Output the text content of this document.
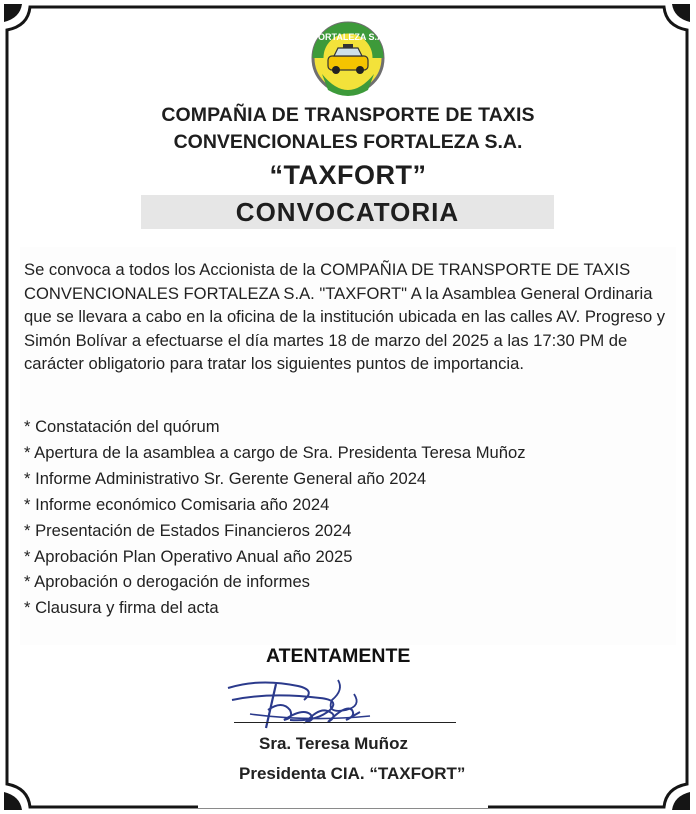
FORTALEZA S.A
COMPAÑIA DE TRANSPORTE DE TAXIS
CONVENCIONALES FORTALEZA S.A.
“TAXFORT”
CONVOCATORIA
Se convoca a todos los Accionista de la COMPAÑIA DE TRANSPORTE DE TAXIS CONVENCIONALES FORTALEZA S.A. "TAXFORT" A la Asamblea General Ordinaria que se llevara a cabo en la oficina de la institución ubicada en las calles AV. Progreso y Simón Bolívar a efectuarse el día martes 18 de marzo del 2025 a las 17:30 PM de carácter obligatorio para tratar los siguientes puntos de importancia.
* Constatación del quórum
* Apertura de la asamblea a cargo de Sra. Presidenta Teresa Muñoz
* Informe Administrativo Sr. Gerente General año 2024
* Informe económico Comisaria año 2024
* Presentación de Estados Financieros 2024
* Aprobación Plan Operativo Anual año 2025
* Aprobación o derogación de informes
* Clausura y firma del acta
ATENTAMENTE
Sra. Teresa Muñoz
Presidenta CIA. “TAXFORT”
